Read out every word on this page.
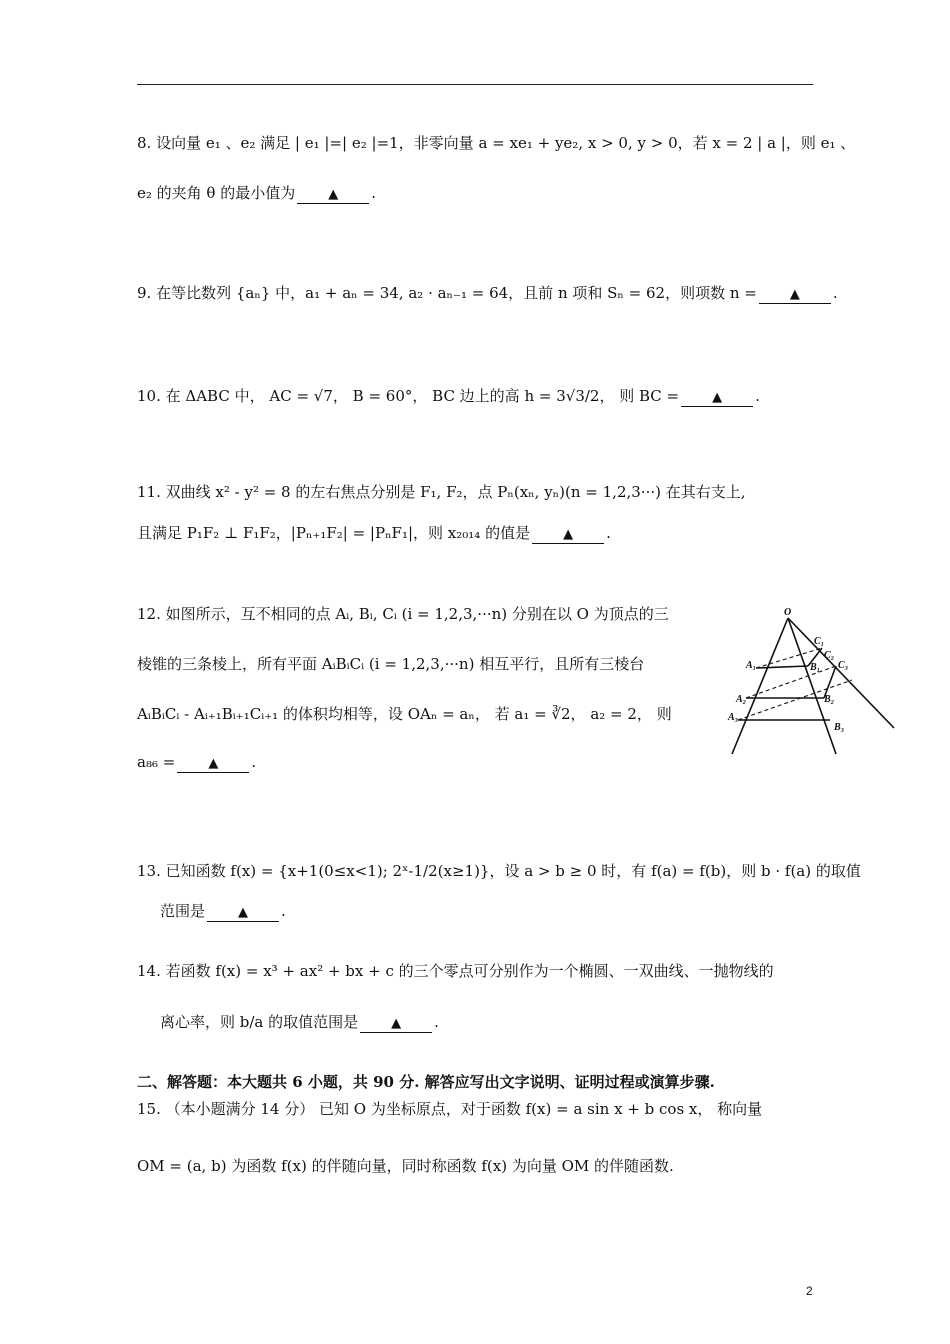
8. 设向量 e₁ 、e₂ 满足 | e₁ |=| e₂ |=1，非零向量 a = xe₁ + ye₂, x > 0, y > 0，若 x = 2 | a |，则 e₁ 、
e₂ 的夹角 θ 的最小值为	▲ .
9. 在等比数列 {aₙ} 中，a₁ + aₙ = 34, a₂ · aₙ₋₁ = 64，且前 n 项和 Sₙ = 62，则项数 n =	▲ .
10. 在 ΔABC 中， AC = √7， B = 60°， BC 边上的高 h = 3√3/2， 则 BC =	▲ .
11. 双曲线 x² - y² = 8 的左右焦点分别是 F₁, F₂，点 Pₙ(xₙ, yₙ)(n = 1,2,3···) 在其右支上,
且满足 P₁F₂ ⊥ F₁F₂，|Pₙ₊₁F₂| = |PₙF₁|，则 x₂₀₁₄ 的值是	▲ .
12. 如图所示，互不相同的点 Aᵢ, Bᵢ, Cᵢ (i = 1,2,3,···n) 分别在以 O 为顶点的三
棱锥的三条棱上，所有平面 AᵢBᵢCᵢ (i = 1,2,3,···n) 相互平行，且所有三棱台
AᵢBᵢCᵢ - Aᵢ₊₁Bᵢ₊₁Cᵢ₊₁ 的体积均相等，设 OAₙ = aₙ， 若 a₁ = ∛2， a₂ = 2， 则
a₈₆ =	▲ .
O
A₁
A₂
A₃
B₁
B₂
B₃
C₁
C₂
C₃
13. 已知函数 f(x) = {x+1(0≤x<1); 2ˣ-1/2(x≥1)}，设 a > b ≥ 0 时，有 f(a) = f(b)，则 b · f(a) 的取值
范围是	▲ .
14. 若函数 f(x) = x³ + ax² + bx + c 的三个零点可分别作为一个椭圆、一双曲线、一抛物线的
离心率，则 b/a 的取值范围是	▲ .
二、解答题：本大题共 6 小题，共 90 分. 解答应写出文字说明、证明过程或演算步骤.
15. （本小题满分 14 分） 已知 O 为坐标原点，对于函数 f(x) = a sin x + b cos x， 称向量
OM = (a, b) 为函数 f(x) 的伴随向量，同时称函数 f(x) 为向量 OM 的伴随函数.
2
